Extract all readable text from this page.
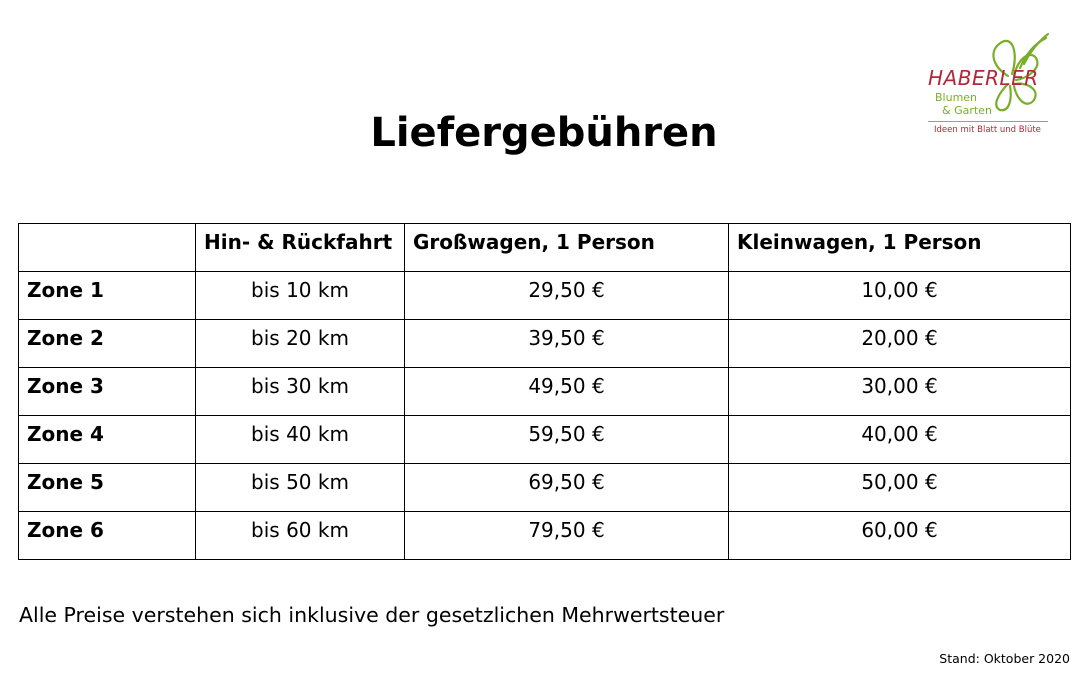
HABERLER
Blumen
& Garten
Ideen mit Blatt und Blüte
Liefergebühren
	Hin- & Rückfahrt	Großwagen, 1 Person	Kleinwagen, 1 Person
Zone 1	bis 10 km	29,50 €	10,00 €
Zone 2	bis 20 km	39,50 €	20,00 €
Zone 3	bis 30 km	49,50 €	30,00 €
Zone 4	bis 40 km	59,50 €	40,00 €
Zone 5	bis 50 km	69,50 €	50,00 €
Zone 6	bis 60 km	79,50 €	60,00 €
Alle Preise verstehen sich inklusive der gesetzlichen Mehrwertsteuer
Stand: Oktober 2020
